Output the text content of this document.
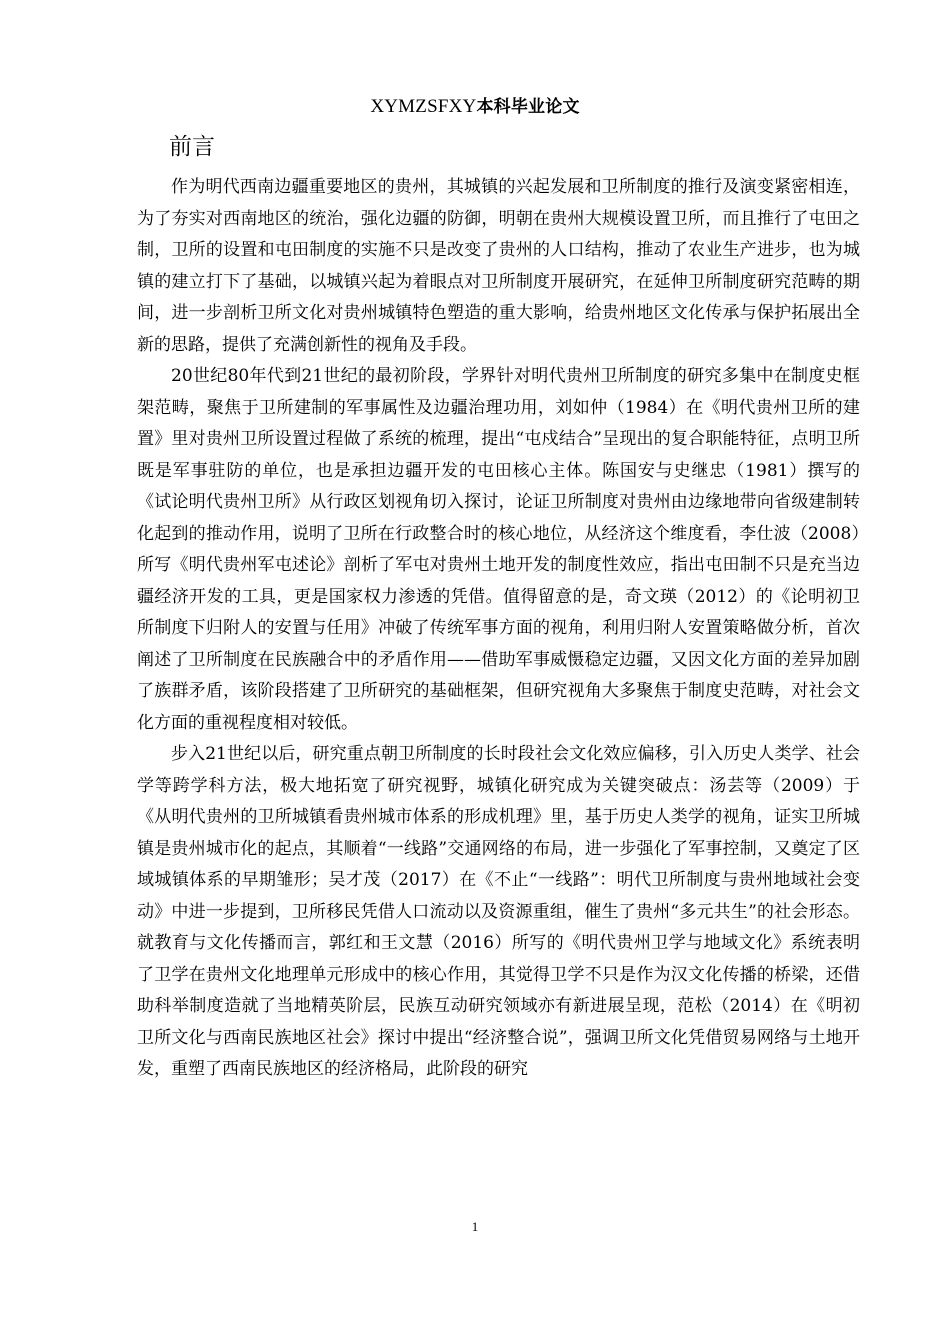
XYMZSFXY本科毕业论文
前言

作为明代西南边疆重要地区的贵州，其城镇的兴起发展和卫所制度的推行及演变紧密相连，为了夯实对西南地区的统治，强化边疆的防御，明朝在贵州大规模设置卫所，而且推行了屯田之制，卫所的设置和屯田制度的实施不只是改变了贵州的人口结构，推动了农业生产进步，也为城镇的建立打下了基础，以城镇兴起为着眼点对卫所制度开展研究，在延伸卫所制度研究范畴的期间，进一步剖析卫所文化对贵州城镇特色塑造的重大影响，给贵州地区文化传承与保护拓展出全新的思路，提供了充满创新性的视角及手段。

20世纪80年代到21世纪的最初阶段，学界针对明代贵州卫所制度的研究多集中在制度史框架范畴，聚焦于卫所建制的军事属性及边疆治理功用，刘如仲（1984）在《明代贵州卫所的建置》里对贵州卫所设置过程做了系统的梳理，提出“屯戍结合”呈现出的复合职能特征，点明卫所既是军事驻防的单位，也是承担边疆开发的屯田核心主体。陈国安与史继忠（1981）撰写的《试论明代贵州卫所》从行政区划视角切入探讨，论证卫所制度对贵州由边缘地带向省级建制转化起到的推动作用，说明了卫所在行政整合时的核心地位，从经济这个维度看，李仕波（2008）所写《明代贵州军屯述论》剖析了军屯对贵州土地开发的制度性效应，指出屯田制不只是充当边疆经济开发的工具，更是国家权力渗透的凭借。值得留意的是，奇文瑛（2012）的《论明初卫所制度下归附人的安置与任用》冲破了传统军事方面的视角，利用归附人安置策略做分析，首次阐述了卫所制度在民族融合中的矛盾作用——借助军事威慑稳定边疆，又因文化方面的差异加剧了族群矛盾，该阶段搭建了卫所研究的基础框架，但研究视角大多聚焦于制度史范畴，对社会文化方面的重视程度相对较低。

步入21世纪以后，研究重点朝卫所制度的长时段社会文化效应偏移，引入历史人类学、社会学等跨学科方法，极大地拓宽了研究视野，城镇化研究成为关键突破点：汤芸等（2009）于《从明代贵州的卫所城镇看贵州城市体系的形成机理》里，基于历史人类学的视角，证实卫所城镇是贵州城市化的起点，其顺着“一线路”交通网络的布局，进一步强化了军事控制，又奠定了区域城镇体系的早期雏形；吴才茂（2017）在《不止“一线路”：明代卫所制度与贵州地域社会变动》中进一步提到，卫所移民凭借人口流动以及资源重组，催生了贵州“多元共生”的社会形态。就教育与文化传播而言，郭红和王文慧（2016）所写的《明代贵州卫学与地域文化》系统表明了卫学在贵州文化地理单元形成中的核心作用，其觉得卫学不只是作为汉文化传播的桥梁，还借助科举制度造就了当地精英阶层，民族互动研究领域亦有新进展呈现，范松（2014）在《明初卫所文化与西南民族地区社会》探讨中提出“经济整合说”，强调卫所文化凭借贸易网络与土地开发，重塑了西南民族地区的经济格局，此阶段的研究

1
